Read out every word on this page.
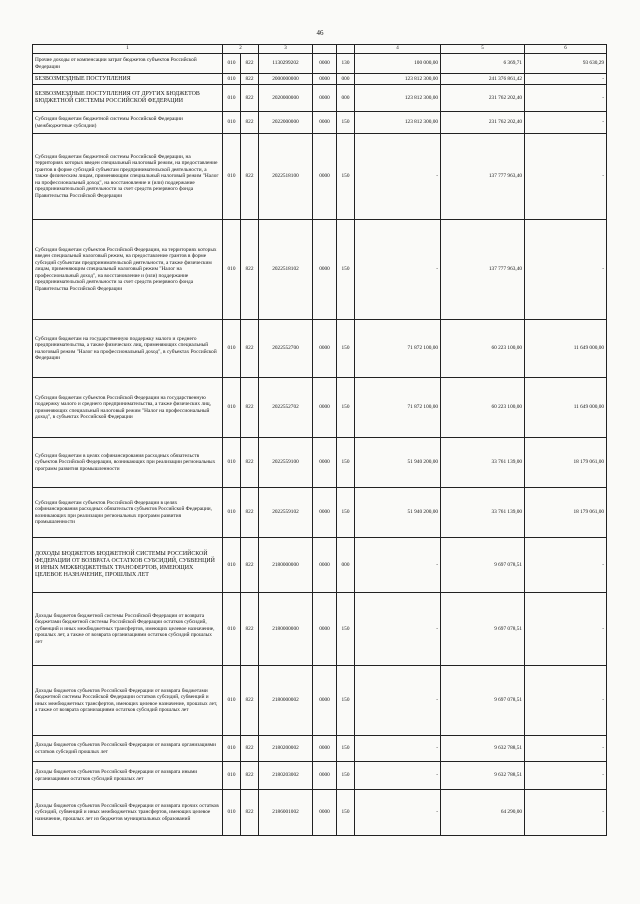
46
1	2		3			4	5	6
Прочие доходы от компенсации затрат бюджетов субъектов Российской Федерации	010	822	1130299202	0000	130	100 000,00	6 369,71	93 630,29
БЕЗВОЗМЕЗДНЫЕ ПОСТУПЛЕНИЯ	010	822	2000000000	0000	000	123 812 300,00	241 376 861,42	-
БЕЗВОЗМЕЗДНЫЕ ПОСТУПЛЕНИЯ ОТ ДРУГИХ БЮДЖЕТОВ БЮДЖЕТНОЙ СИСТЕМЫ РОССИЙСКОЙ ФЕДЕРАЦИИ	010	822	2020000000	0000	000	123 812 300,00	231 762 202,40	-
Субсидии бюджетам бюджетной системы Российской Федерации (межбюджетные субсидии)	010	822	2022000000	0000	150	123 812 300,00	231 762 202,40	-
Субсидии бюджетам бюджетной системы Российской Федерации, на территориях которых введен специальный налоговый режим, на предоставление грантов в форме субсидий субъектам предпринимательской деятельности, а также физическим лицам, применяющим специальный налоговый режим "Налог на профессиональный доход", на восстановление и (или) поддержание предпринимательской деятельности за счет средств резервного фонда Правительства Российской Федерации	010	822	2022518100	0000	150	-	137 777 963,40	-
Субсидии бюджетам субъектов Российской Федерации, на территориях которых введен специальный налоговый режим, на предоставление грантов в форме субсидий субъектам предпринимательской деятельности, а также физическим лицам, применяющим специальный налоговый режим "Налог на профессиональный доход", на восстановление и (или) поддержание предпринимательской деятельности за счет средств резервного фонда Правительства Российской Федерации	010	822	2022518102	0000	150	-	137 777 963,40	-
Субсидии бюджетам на государственную поддержку малого и среднего предпринимательства, а также физических лиц, применяющих специальный налоговый режим "Налог на профессиональный доход", в субъектах Российской Федерации	010	822	2022552700	0000	150	71 872 100,00	60 223 100,00	11 649 000,00
Субсидии бюджетам субъектов Российской Федерации на государственную поддержку малого и среднего предпринимательства, а также физических лиц, применяющих специальный налоговый режим "Налог на профессиональный доход", в субъектах Российской Федерации	010	822	2022552702	0000	150	71 872 100,00	60 223 100,00	11 649 000,00
Субсидии бюджетам в целях софинансирования расходных обязательств субъектов Российской Федерации, возникающих при реализации региональных программ развития промышленности	010	822	2022559100	0000	150	51 940 200,00	33 761 139,00	18 179 061,00
Субсидии бюджетам субъектов Российской Федерации в целях софинансирования расходных обязательств субъектов Российской Федерации, возникающих при реализации региональных программ развития промышленности	010	822	2022559102	0000	150	51 940 200,00	33 761 139,00	18 179 061,00
ДОХОДЫ БЮДЖЕТОВ БЮДЖЕТНОЙ СИСТЕМЫ РОССИЙСКОЙ ФЕДЕРАЦИИ ОТ ВОЗВРАТА ОСТАТКОВ СУБСИДИЙ, СУБВЕНЦИЙ И ИНЫХ МЕЖБЮДЖЕТНЫХ ТРАНСФЕРТОВ, ИМЕЮЩИХ ЦЕЛЕВОЕ НАЗНАЧЕНИЕ, ПРОШЛЫХ ЛЕТ	010	822	2180000000	0000	000	-	9 697 078,51	-
Доходы бюджетов бюджетной системы Российской Федерации от возврата бюджетами бюджетной системы Российской Федерации остатков субсидий, субвенций и иных межбюджетных трансфертов, имеющих целевое назначение, прошлых лет, а также от возврата организациями остатков субсидий прошлых лет	010	822	2180000000	0000	150	-	9 697 078,51	-
Доходы бюджетов субъектов Российской Федерации от возврата бюджетами бюджетной системы Российской Федерации остатков субсидий, субвенций и иных межбюджетных трансфертов, имеющих целевое назначение, прошлых лет, а также от возврата организациями остатков субсидий прошлых лет	010	822	2180000002	0000	150	-	9 697 078,51	-
Доходы бюджетов субъектов Российской Федерации от возврата организациями остатков субсидий прошлых лет	010	822	2180200002	0000	150	-	9 632 788,51	-
Доходы бюджетов субъектов Российской Федерации от возврата иными организациями остатков субсидий прошлых лет	010	822	2180203002	0000	150	-	9 632 788,51	-
Доходы бюджетов субъектов Российской Федерации от возврата прочих остатков субсидий, субвенций и иных межбюджетных трансфертов, имеющих целевое назначение, прошлых лет из бюджетов муниципальных образований	010	822	2186001002	0000	150	-	64 290,00	-
